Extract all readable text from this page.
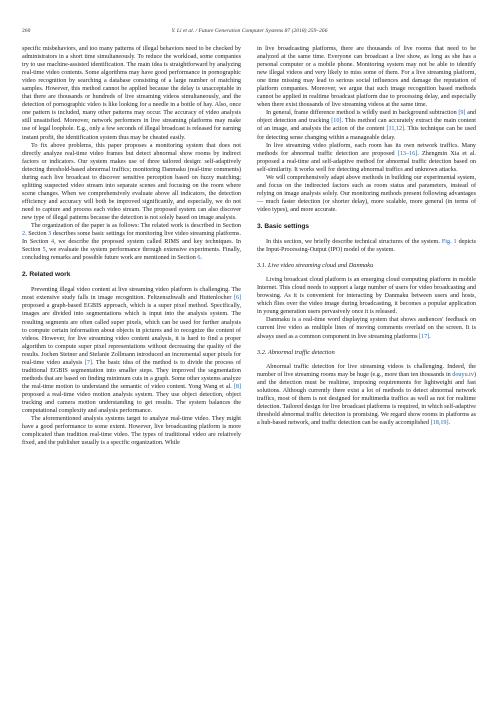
260	Y. Li et al. / Future Generation Computer Systems 87 (2018) 259–266

specific misbehaviors, and too many patterns of illegal behaviors need to be checked by administrators in a short time simultaneously. To reduce the workload, some companies try to use machine-assisted identification. The main idea is straightforward by analyzing real-time video contents. Some algorithms may have good performance in pornographic video recognition by searching a database consisting of a large number of matching samples. However, this method cannot be applied because the delay is unacceptable in that there are thousands or hundreds of live streaming videos simultaneously, and the detection of pornographic video is like looking for a needle in a bottle of hay. Also, once one pattern is included, many other patterns may occur. The accuracy of video analysis still unsatisfied. Moreover, network performers in live streaming platforms may make use of legal loophole. E.g., only a few seconds of illegal broadcast is released for earning instant profit, the identification system thus may be cheated easily.

To fix above problems, this paper proposes a monitoring system that does not directly analyze real-time video frames but detect abnormal show rooms by indirect factors or indicators. Our system makes use of three tailored design: self-adaptively detecting threshold-based abnormal traffics; monitoring Danmaku (real-time comments) during each live broadcast to discover sensitive perception based on fuzzy matching; splitting suspected video stream into separate scenes and focusing on the room where scene changes. When we comprehensively evaluate above all indicators, the detection efficiency and accuracy will both be improved significantly, and especially, we do not need to capture and process each video stream. The proposed system can also discover new type of illegal patterns because the detection is not solely based on image analysis.

The organization of the paper is as follows: The related work is described in Section 2. Section 3 describes some basic settings for monitoring live video streaming platforms. In Section 4, we describe the proposed system called RIMS and key techniques. In Section 5, we evaluate the system performance through extensive experiments. Finally, concluding remarks and possible future work are mentioned in Section 6.

2. Related work

Preventing illegal video content at live streaming video platform is challenging. The most extensive study falls in image recognition. Feltzenszhwalb and Huttenlocher [6] proposed a graph-based EGBIS approach, which is a super pixel method. Specifically, images are divided into segmentations which is input into the analysis system. The resulting segments are often called super pixels, which can be used for further analysis to compute certain information about objects in pictures and to recognize the content of videos. However, for live streaming video content analysis, it is hard to find a proper algorithm to compute super pixel representations without decreasing the quality of the results. Jochen Steiner and Stefanie Zollmann introduced an incremental super pixels for real-time video analysis [7]. The basic idea of the method is to divide the process of traditional EGBIS segmentation into smaller steps. They improved the segmentation methods that are based on finding minimum cuts in a graph. Some other systems analyze the real-time motion to understand the semantic of video content. Yong Wang et al. [8] proposed a real-time video motion analysis system. They use object detection, object tracking and camera motion understanding to get results. The system balances the computational complexity and analysis performance.

The aforementioned analysis systems target to analyze real-time video. They might have a good performance to some extent. However, live broadcasting platform is more complicated than tradition real-time video. The types of traditional video are relatively fixed, and the publisher usually is a specific organization. While

in live broadcasting platforms, there are thousands of live rooms that need to be analyzed at the same time. Everyone can broadcast a live show, as long as she has a personal computer or a mobile phone. Monitoring system may not be able to identify new illegal videos and very likely to miss some of them. For a live streaming platform, one time missing may lead to serious social influences and damage the reputation of platform companies. Moreover, we argue that such image recognition based methods cannot be applied in realtime broadcast platform due to processing delay, and especially when there exist thousands of live streaming videos at the same time.

In general, frame difference method is wildly used in background subtraction [9] and object detection and tracking [10]. This method can accurately extract the main content of an image, and analysis the action of the content [11,12]. This technique can be used for detecting sense changing within a manageable delay.

In live streaming video platform, each room has its own network traffics. Many methods for abnormal traffic detection are proposed [13–16]. Zhengmin Xia et al. proposed a real-time and self-adaptive method for abnormal traffic detection based on self-similarity. It works well for detecting abnormal traffics and unknown attacks.

We will comprehensively adapt above methods in building our experimental system, and focus on the indirected factors such as room status and parameters, instead of relying on image analysis solely. Our monitoring methods present following advantages — much faster detection (or shorter delay), more scalable, more general (in terms of video types), and more accurate.

3. Basic settings

In this section, we briefly describe technical structures of the system. Fig. 1 depicts the Input-Processing-Output (IPO) model of the system.

3.1. Live video streaming cloud and Danmaku

Living broadcast cloud platform is an emerging cloud computing platform in mobile Internet. This cloud needs to support a large number of users for video broadcasting and browsing. As it is convenient for interacting by Danmaku between users and hosts, which flies over the video image during broadcasting, it becomes a popular application in young generation users pervasively once it is released.

Danmaku is a real-time word displaying system that shows audiences' feedback on current live video as multiple lines of moving comments overlaid on the screen. It is always used as a common component in live streaming platforms [17].

3.2. Abnormal traffic detection

Abnormal traffic detection for live streaming videos is challenging. Indeed, the number of live streaming rooms may be huge (e.g., more than ten thousands in douyu.tv) and the detection must be realtime, imposing requirements for lightweight and fast solutions. Although currently there exist a lot of methods to detect abnormal network traffics, most of them is not designed for multimedia traffics as well as not for realtime detection. Tailored design for live broadcast platforms is required, in which self-adaptive threshold abnormal traffic detection is promising. We regard show rooms in platforms as a hub-based network, and traffic detection can be easily accomplished [18,19].
